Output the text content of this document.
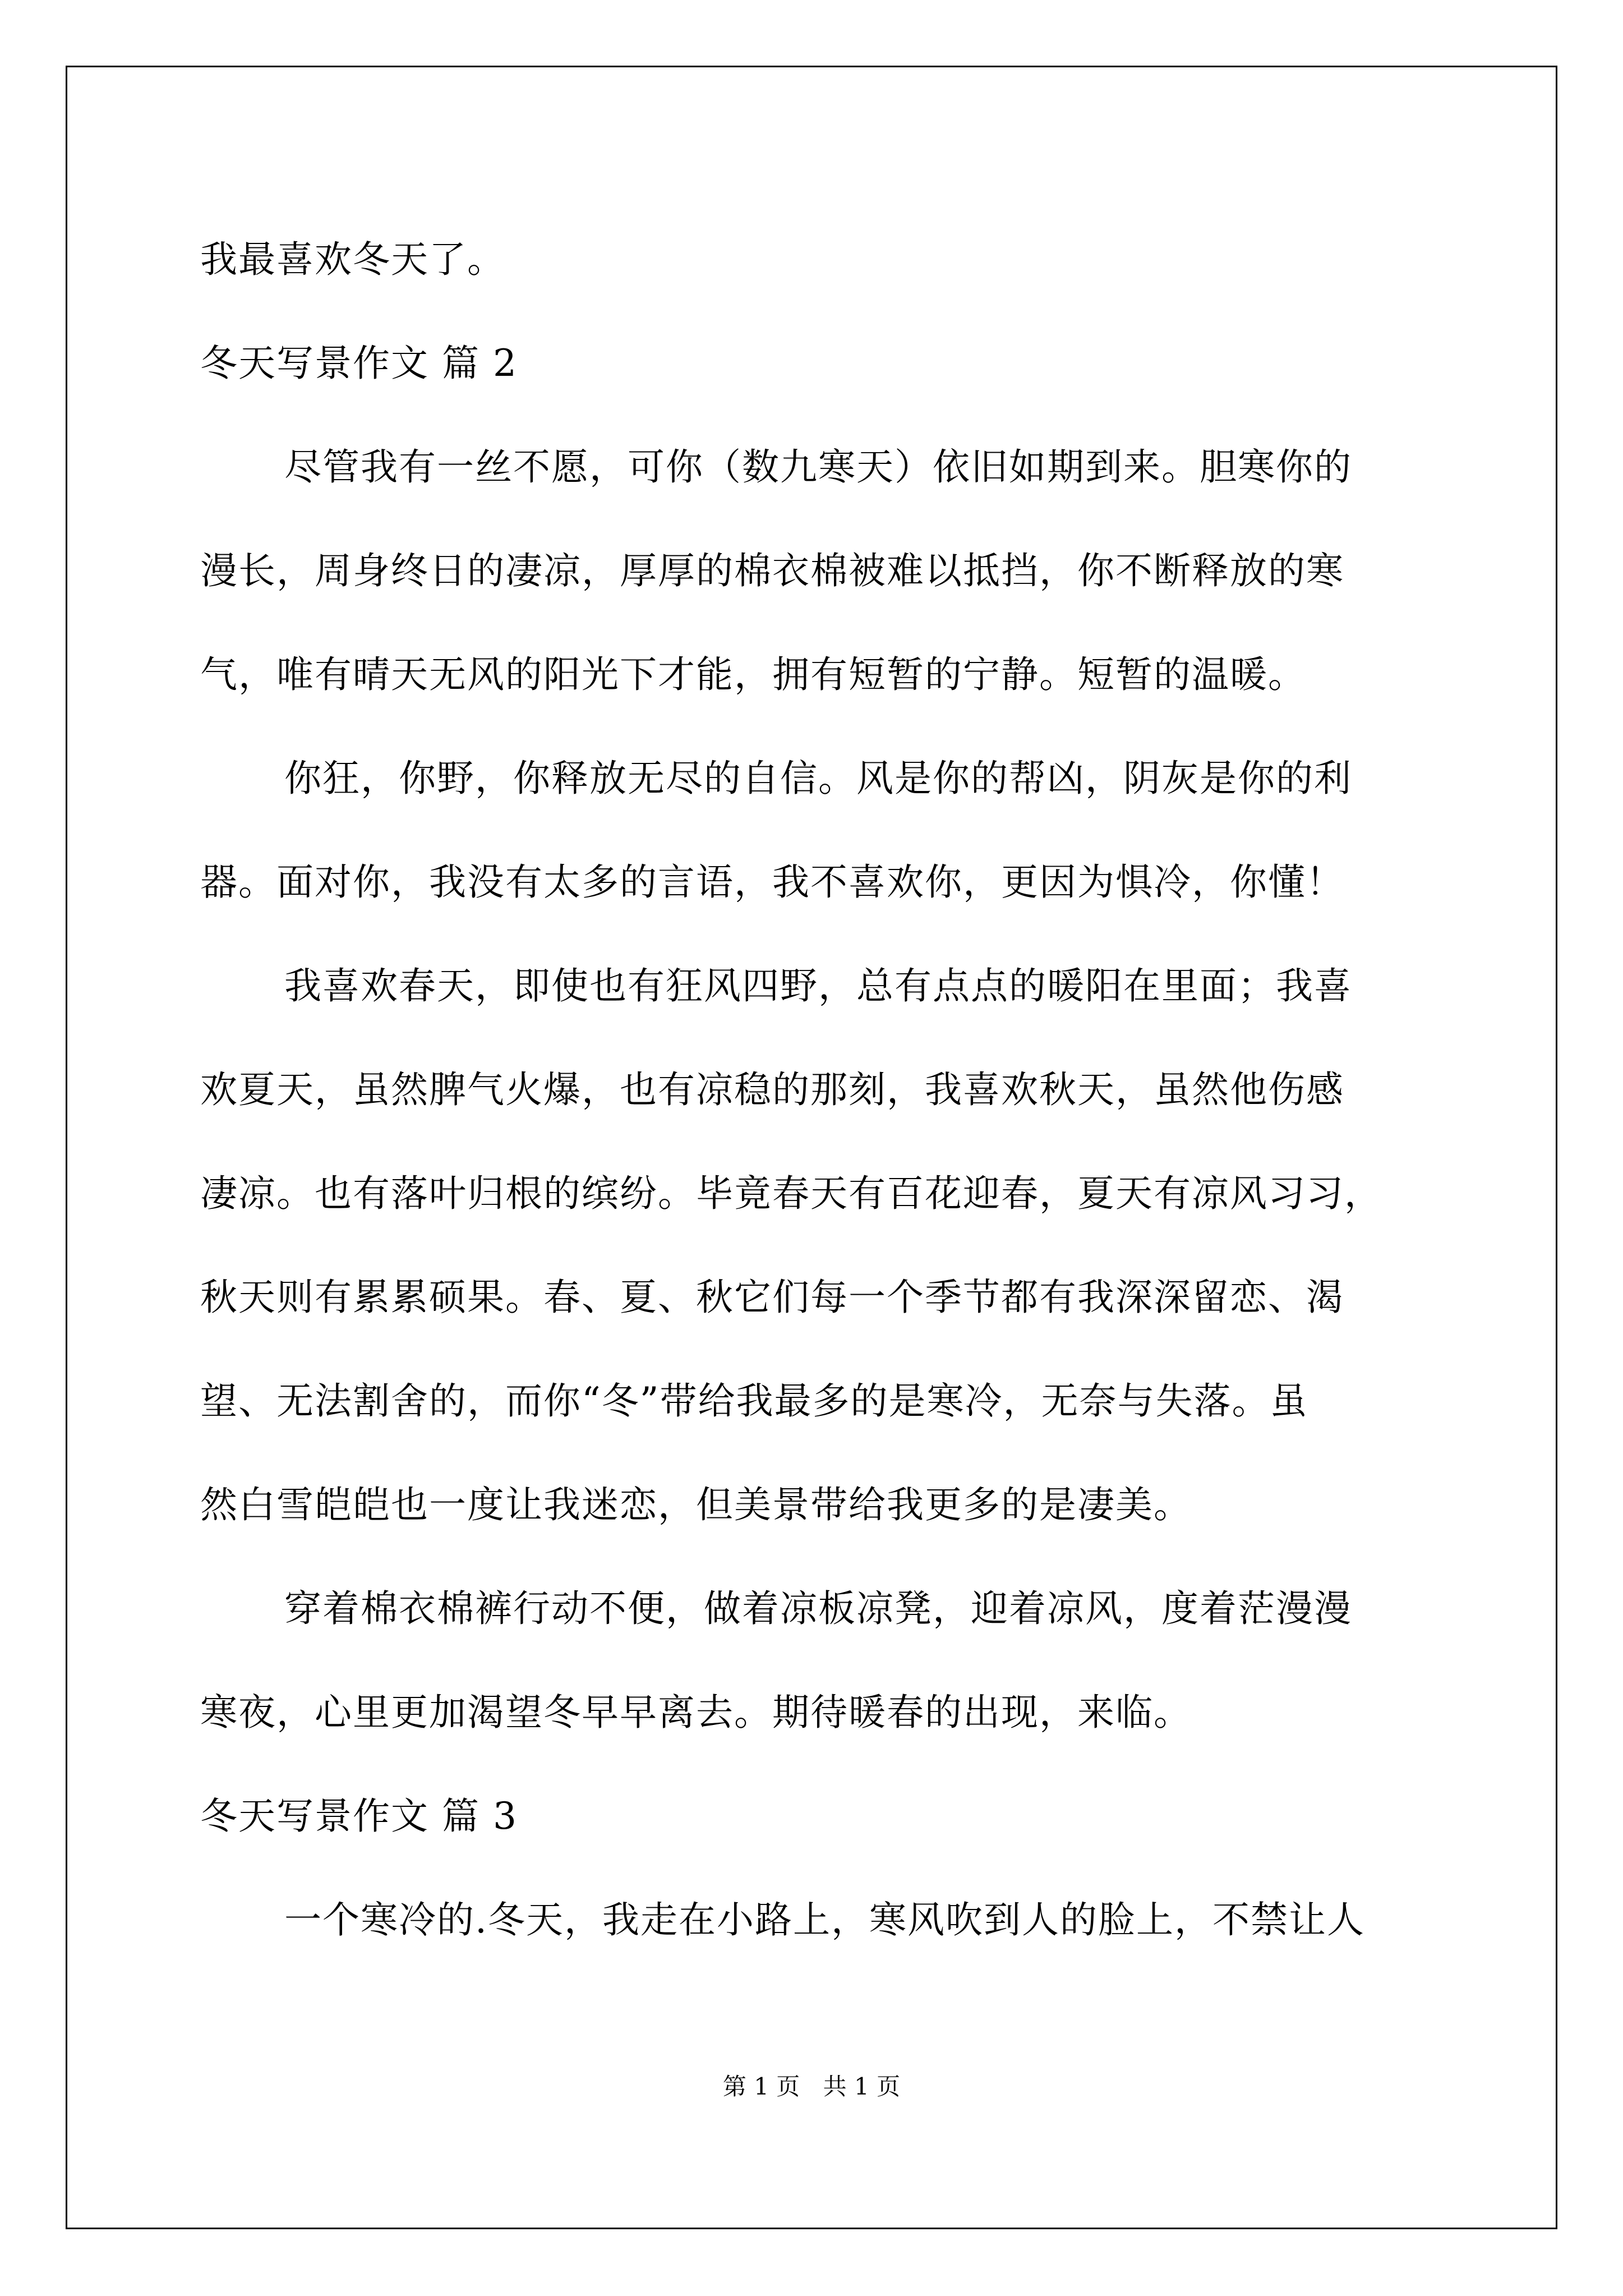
我最喜欢冬天了。
冬天写景作文 篇 2
尽管我有一丝不愿，可你（数九寒天）依旧如期到来。胆寒你的
漫长，周身终日的凄凉，厚厚的棉衣棉被难以抵挡，你不断释放的寒
气，唯有晴天无风的阳光下才能，拥有短暂的宁静。短暂的温暖。
你狂，你野，你释放无尽的自信。风是你的帮凶，阴灰是你的利
器。面对你，我没有太多的言语，我不喜欢你，更因为惧冷，你懂！
我喜欢春天，即使也有狂风四野，总有点点的暖阳在里面；我喜
欢夏天，虽然脾气火爆，也有凉稳的那刻，我喜欢秋天，虽然他伤感
凄凉。也有落叶归根的缤纷。毕竟春天有百花迎春，夏天有凉风习习，
秋天则有累累硕果。春、夏、秋它们每一个季节都有我深深留恋、渴
望、无法割舍的，而你“冬”带给我最多的是寒冷，无奈与失落。虽
然白雪皑皑也一度让我迷恋，但美景带给我更多的是凄美。
穿着棉衣棉裤行动不便，做着凉板凉凳，迎着凉风，度着茫漫漫
寒夜，心里更加渴望冬早早离去。期待暖春的出现，来临。
冬天写景作文 篇 3
一个寒冷的.冬天，我走在小路上，寒风吹到人的脸上，不禁让人
第 1 页 共 1 页
